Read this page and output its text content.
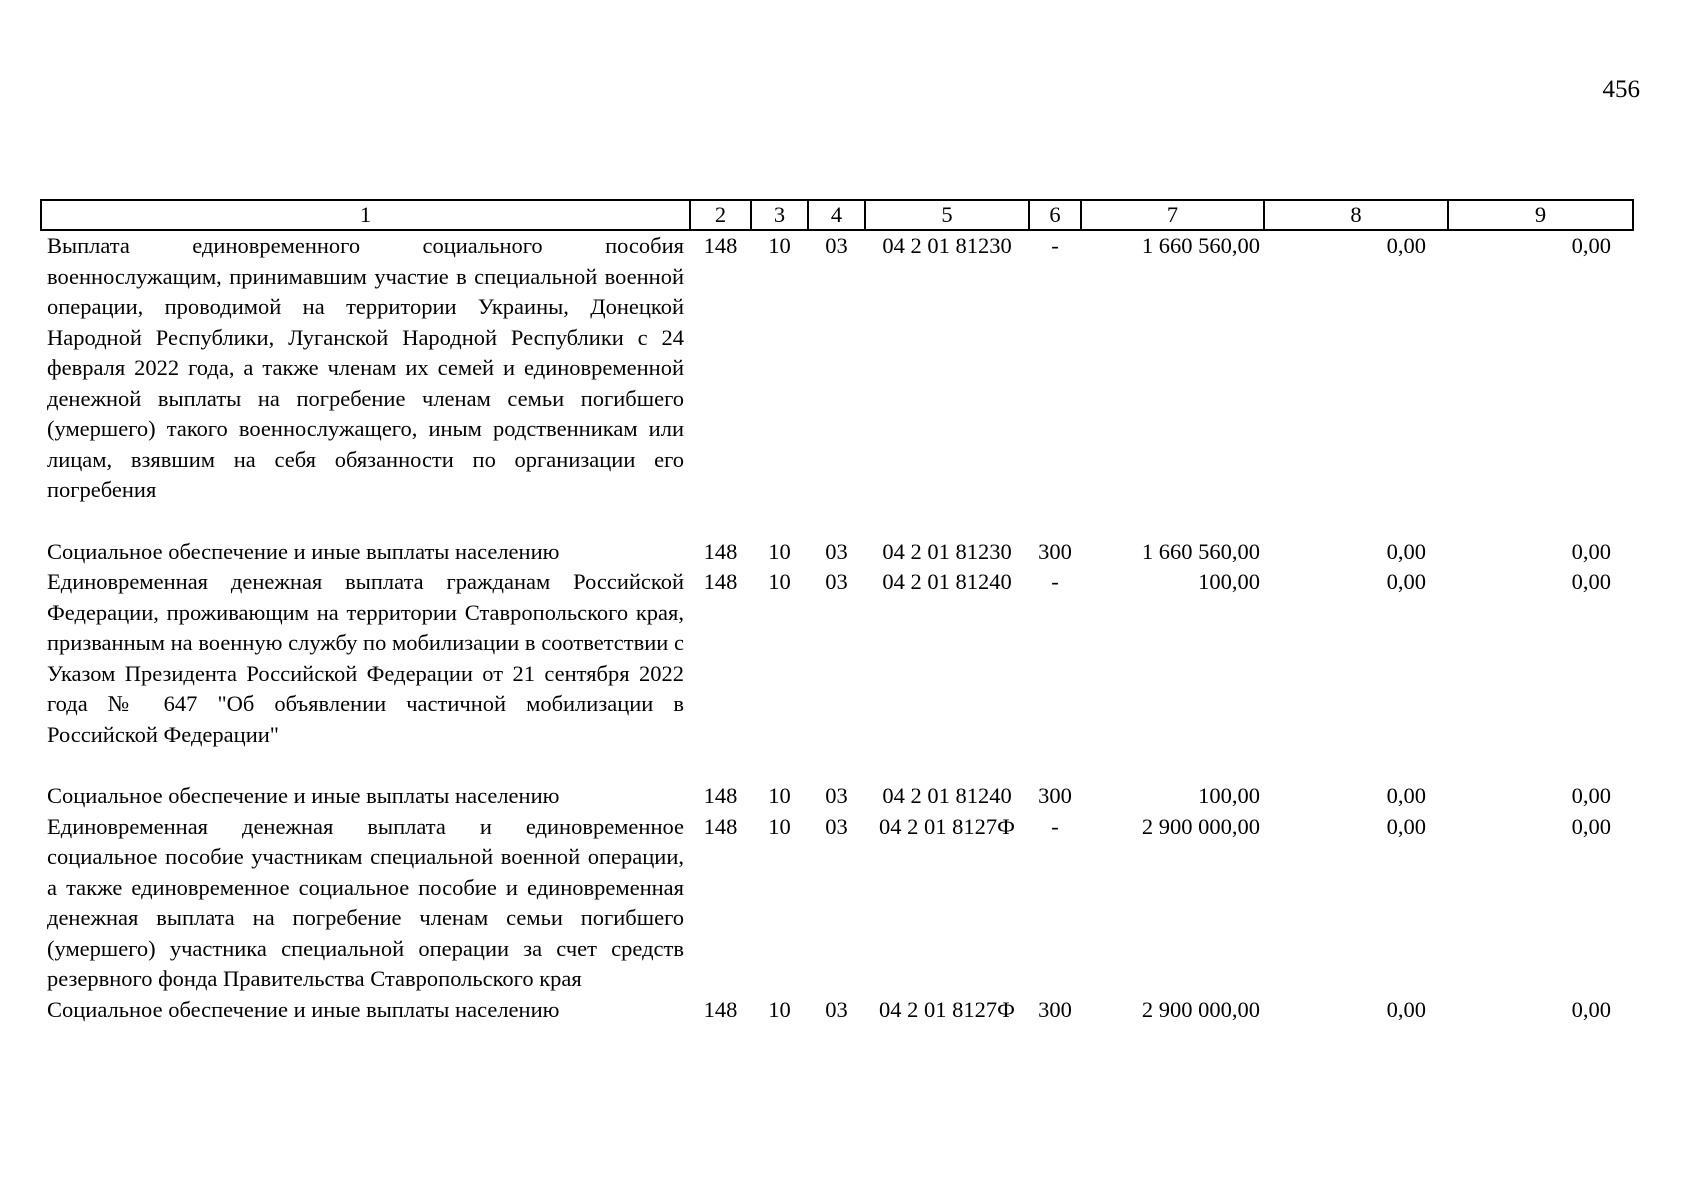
456
1	2	3	4	5	6	7	8	9
Выплата единовременного социального пособия военнослужащим, принимавшим участие в специальной военной операции, проводимой на территории Украины, Донецкой Народной Республики, Луганской Народной Республики с 24 февраля 2022 года, а также членам их семей и единовременной денежной выплаты на погребение членам семьи погибшего (умершего) такого военнослужащего, иным родственникам или лицам, взявшим на себя обязанности по организации его погребения	148	10	03	04 2 01 81230	-	1 660 560,00	0,00	0,00
Социальное обеспечение и иные выплаты населению	148	10	03	04 2 01 81230	300	1 660 560,00	0,00	0,00
Единовременная денежная выплата гражданам Российской Федерации, проживающим на территории Ставропольского края, призванным на военную службу по мобилизации в соответствии с Указом Президента Российской Федерации от 21 сентября 2022 года № 647 "Об объявлении частичной мобилизации в Российской Федерации"	148	10	03	04 2 01 81240	-	100,00	0,00	0,00
Социальное обеспечение и иные выплаты населению	148	10	03	04 2 01 81240	300	100,00	0,00	0,00
Единовременная денежная выплата и единовременное социальное пособие участникам специальной военной операции, а также единовременное социальное пособие и единовременная денежная выплата на погребение членам семьи погибшего (умершего) участника специальной операции за счет средств резервного фонда Правительства Ставропольского края	148	10	03	04 2 01 8127Ф	-	2 900 000,00	0,00	0,00
Социальное обеспечение и иные выплаты населению	148	10	03	04 2 01 8127Ф	300	2 900 000,00	0,00	0,00
